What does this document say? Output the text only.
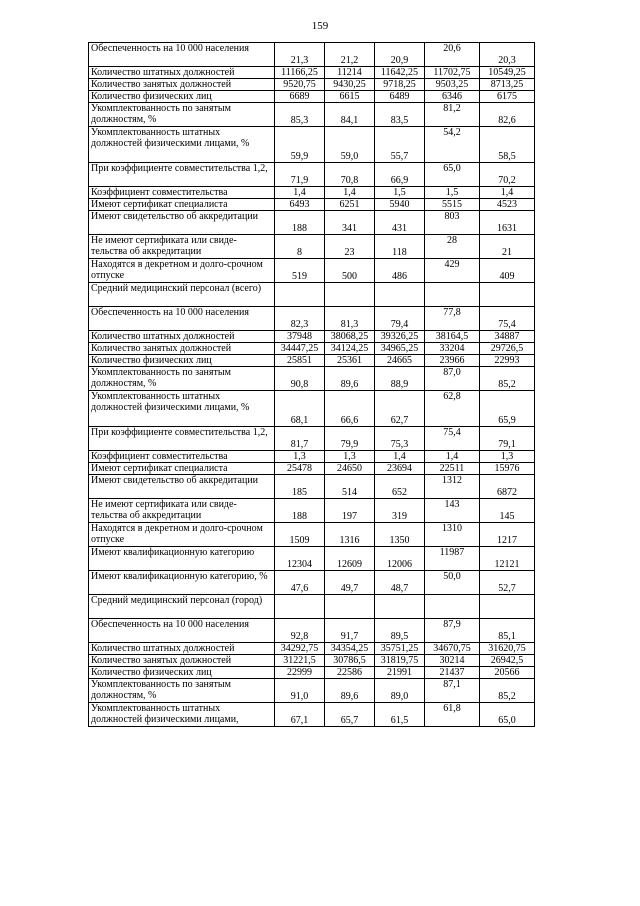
159
Обеспеченность на 10 000 населения	21,3	21,2	20,9	20,6	20,3
Количество штатных должностей	11166,25	11214	11642,25	11702,75	10549,25
Количество занятых должностей	9520,75	9430,25	9718,25	9503,25	8713,25
Количество физических лиц	6689	6615	6489	6346	6175
Укомплектованность по занятым должностям, %	85,3	84,1	83,5	81,2	82,6
Укомплектованность штатных должностей физическими лицами, %	59,9	59,0	55,7	54,2	58,5
При коэффициенте совместительства 1,2,	71,9	70,8	66,9	65,0	70,2
Коэффициент совместительства	1,4	1,4	1,5	1,5	1,4
Имеют сертификат специалиста	6493	6251	5940	5515	4523
Имеют свидетельство об аккредитации	188	341	431	803	1631
Не имеют сертификата или свиде-тельства об аккредитации	8	23	118	28	21
Находятся в декретном и долго-срочном отпуске	519	500	486	429	409
Средний медицинский персонал (всего)					
Обеспеченность на 10 000 населения	82,3	81,3	79,4	77,8	75,4
Количество штатных должностей	37948	38068,25	39326,25	38164,5	34887
Количество занятых должностей	34447,25	34124,25	34965,25	33204	29726,5
Количество физических лиц	25851	25361	24665	23966	22993
Укомплектованность по занятым должностям, %	90,8	89,6	88,9	87,0	85,2
Укомплектованность штатных должностей физическими лицами, %	68,1	66,6	62,7	62,8	65,9
При коэффициенте совместительства 1,2,	81,7	79,9	75,3	75,4	79,1
Коэффициент совместительства	1,3	1,3	1,4	1,4	1,3
Имеют сертификат специалиста	25478	24650	23694	22511	15976
Имеют свидетельство об аккредитации	185	514	652	1312	6872
Не имеют сертификата или свиде-тельства об аккредитации	188	197	319	143	145
Находятся в декретном и долго-срочном отпуске	1509	1316	1350	1310	1217
Имеют квалификационную категорию	12304	12609	12006	11987	12121
Имеют квалификационную категорию, %	47,6	49,7	48,7	50,0	52,7
Средний медицинский персонал (город)					
Обеспеченность на 10 000 населения	92,8	91,7	89,5	87,9	85,1
Количество штатных должностей	34292,75	34354,25	35751,25	34670,75	31620,75
Количество занятых должностей	31221,5	30786,5	31819,75	30214	26942,5
Количество физических лиц	22999	22586	21991	21437	20566
Укомплектованность по занятым должностям, %	91,0	89,6	89,0	87,1	85,2
Укомплектованность штатных должностей физическими лицами,	67,1	65,7	61,5	61,8	65,0
